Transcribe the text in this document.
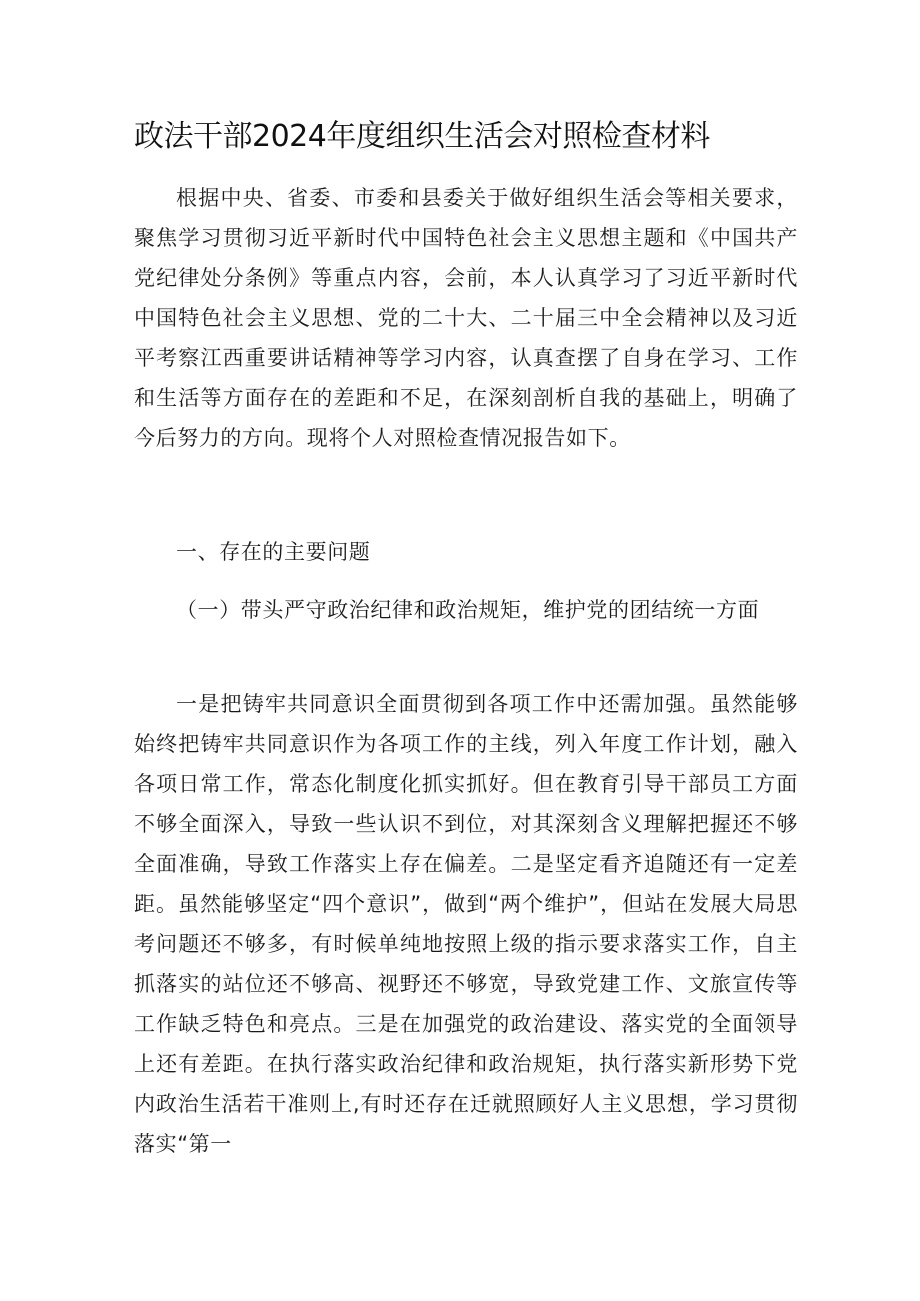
政法干部2024年度组织生活会对照检查材料
根据中央、省委、市委和县委关于做好组织生活会等相关要求，聚焦学习贯彻习近平新时代中国特色社会主义思想主题和《中国共产党纪律处分条例》等重点内容，会前，本人认真学习了习近平新时代中国特色社会主义思想、党的二十大、二十届三中全会精神以及习近平考察江西重要讲话精神等学习内容，认真查摆了自身在学习、工作和生活等方面存在的差距和不足，在深刻剖析自我的基础上，明确了今后努力的方向。现将个人对照检查情况报告如下。
一、存在的主要问题
（一）带头严守政治纪律和政治规矩，维护党的团结统一方面
一是把铸牢共同意识全面贯彻到各项工作中还需加强。虽然能够始终把铸牢共同意识作为各项工作的主线，列入年度工作计划，融入各项日常工作，常态化制度化抓实抓好。但在教育引导干部员工方面不够全面深入，导致一些认识不到位，对其深刻含义理解把握还不够全面准确，导致工作落实上存在偏差。二是坚定看齐追随还有一定差距。虽然能够坚定“四个意识”，做到“两个维护”，但站在发展大局思考问题还不够多，有时候单纯地按照上级的指示要求落实工作，自主抓落实的站位还不够高、视野还不够宽，导致党建工作、文旅宣传等工作缺乏特色和亮点。三是在加强党的政治建设、落实党的全面领导上还有差距。在执行落实政治纪律和政治规矩，执行落实新形势下党内政治生活若干准则上,有时还存在迁就照顾好人主义思想，学习贯彻落实“第一
